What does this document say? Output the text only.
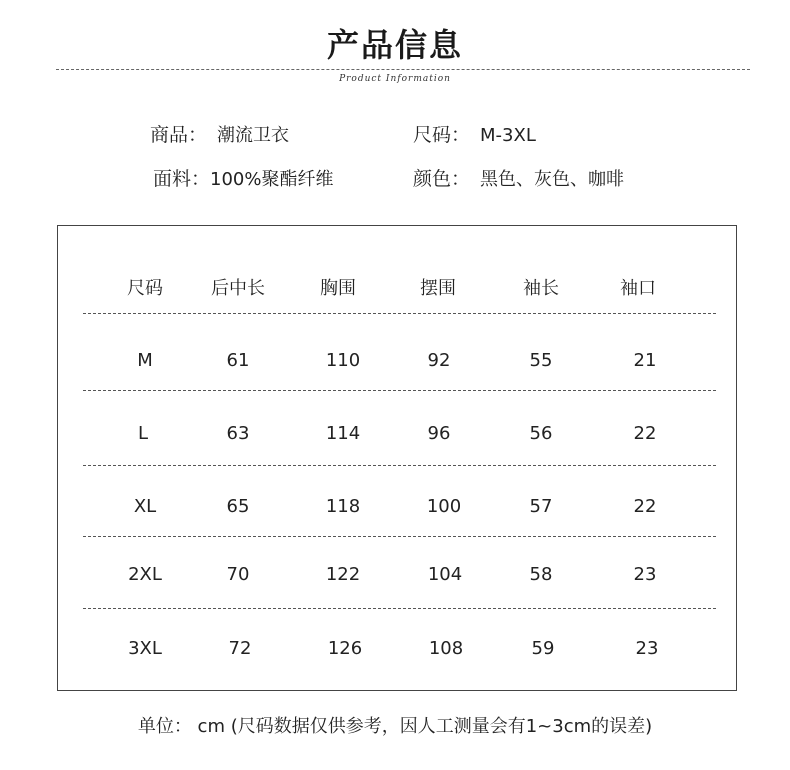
产品信息
Product Information
商品： 潮流卫衣	尺码： M-3XL
面料：100%聚酯纤维	颜色： 黑色、灰色、咖啡
尺码	后中长	胸围	摆围	袖长	袖口
M	61	110	92	55	21
L	63	114	96	56	22
XL	65	118	100	57	22
2XL	70	122	104	58	23
3XL	72	126	108	59	23
单位： cm (尺码数据仅供参考，因人工测量会有1~3cm的误差)
